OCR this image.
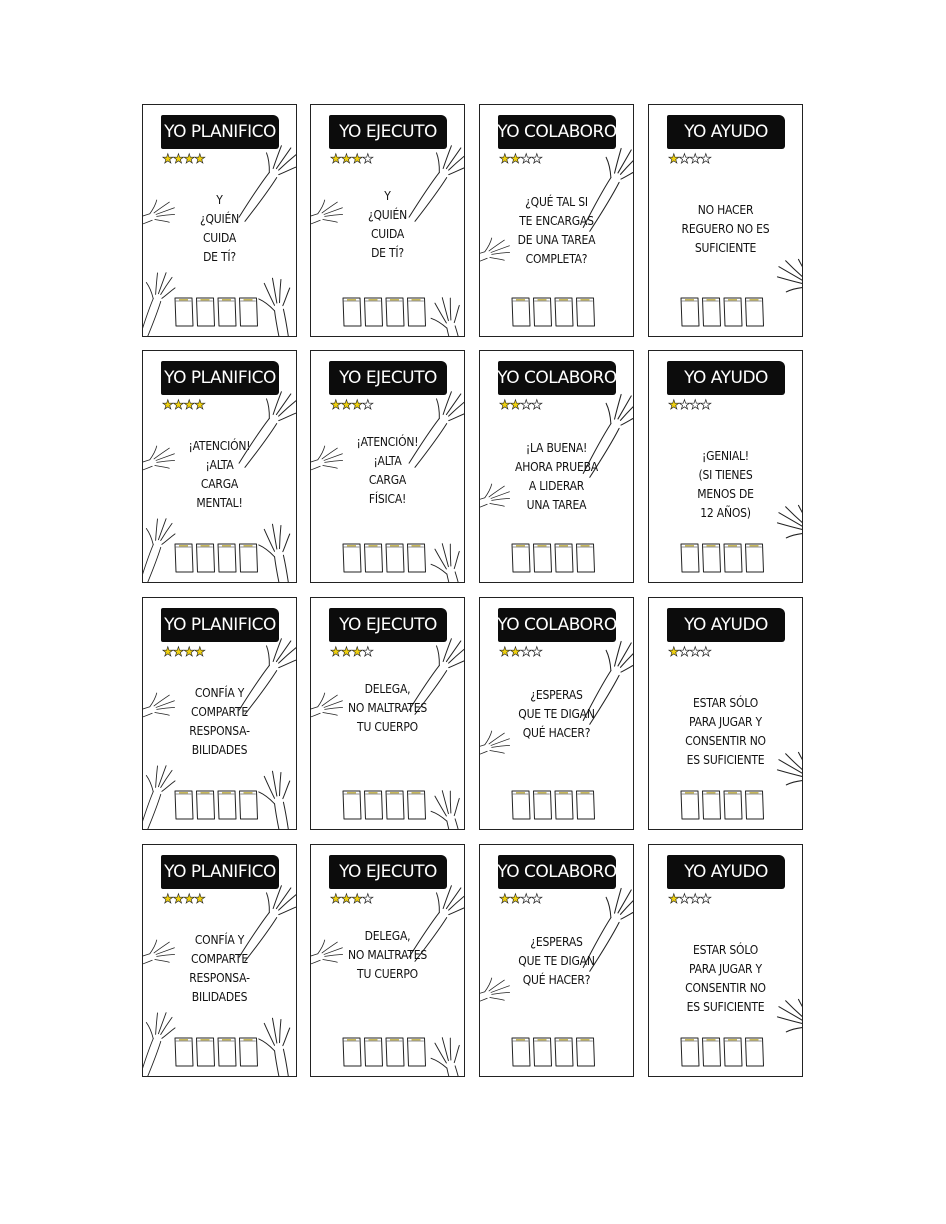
YO PLANIFICO
★★★★
Y
¿QUIÉN
CUIDA
DE TÍ?
YO EJECUTO
★★★★
Y
¿QUIÉN
CUIDA
DE TÍ?
YO COLABORO
★★★★
¿QUÉ TAL SI
TE ENCARGAS
DE UNA TAREA
COMPLETA?
YO AYUDO
★★★★
NO HACER
REGUERO NO ES
SUFICIENTE
YO PLANIFICO
★★★★
¡ATENCIÓN!
¡ALTA
CARGA
MENTAL!
YO EJECUTO
★★★★
¡ATENCIÓN!
¡ALTA
CARGA
FÍSICA!
YO COLABORO
★★★★
¡LA BUENA!
AHORA PRUEBA
A LIDERAR
UNA TAREA
YO AYUDO
★★★★
¡GENIAL!
(SI TIENES
MENOS DE
12 AÑOS)
YO PLANIFICO
★★★★
CONFÍA Y
COMPARTE
RESPONSA-
BILIDADES
YO EJECUTO
★★★★
DELEGA,
NO MALTRATES
TU CUERPO
YO COLABORO
★★★★
¿ESPERAS
QUE TE DIGAN
QUÉ HACER?
YO AYUDO
★★★★
ESTAR SÓLO
PARA JUGAR Y
CONSENTIR NO
ES SUFICIENTE
YO PLANIFICO
★★★★
CONFÍA Y
COMPARTE
RESPONSA-
BILIDADES
YO EJECUTO
★★★★
DELEGA,
NO MALTRATES
TU CUERPO
YO COLABORO
★★★★
¿ESPERAS
QUE TE DIGAN
QUÉ HACER?
YO AYUDO
★★★★
ESTAR SÓLO
PARA JUGAR Y
CONSENTIR NO
ES SUFICIENTE
